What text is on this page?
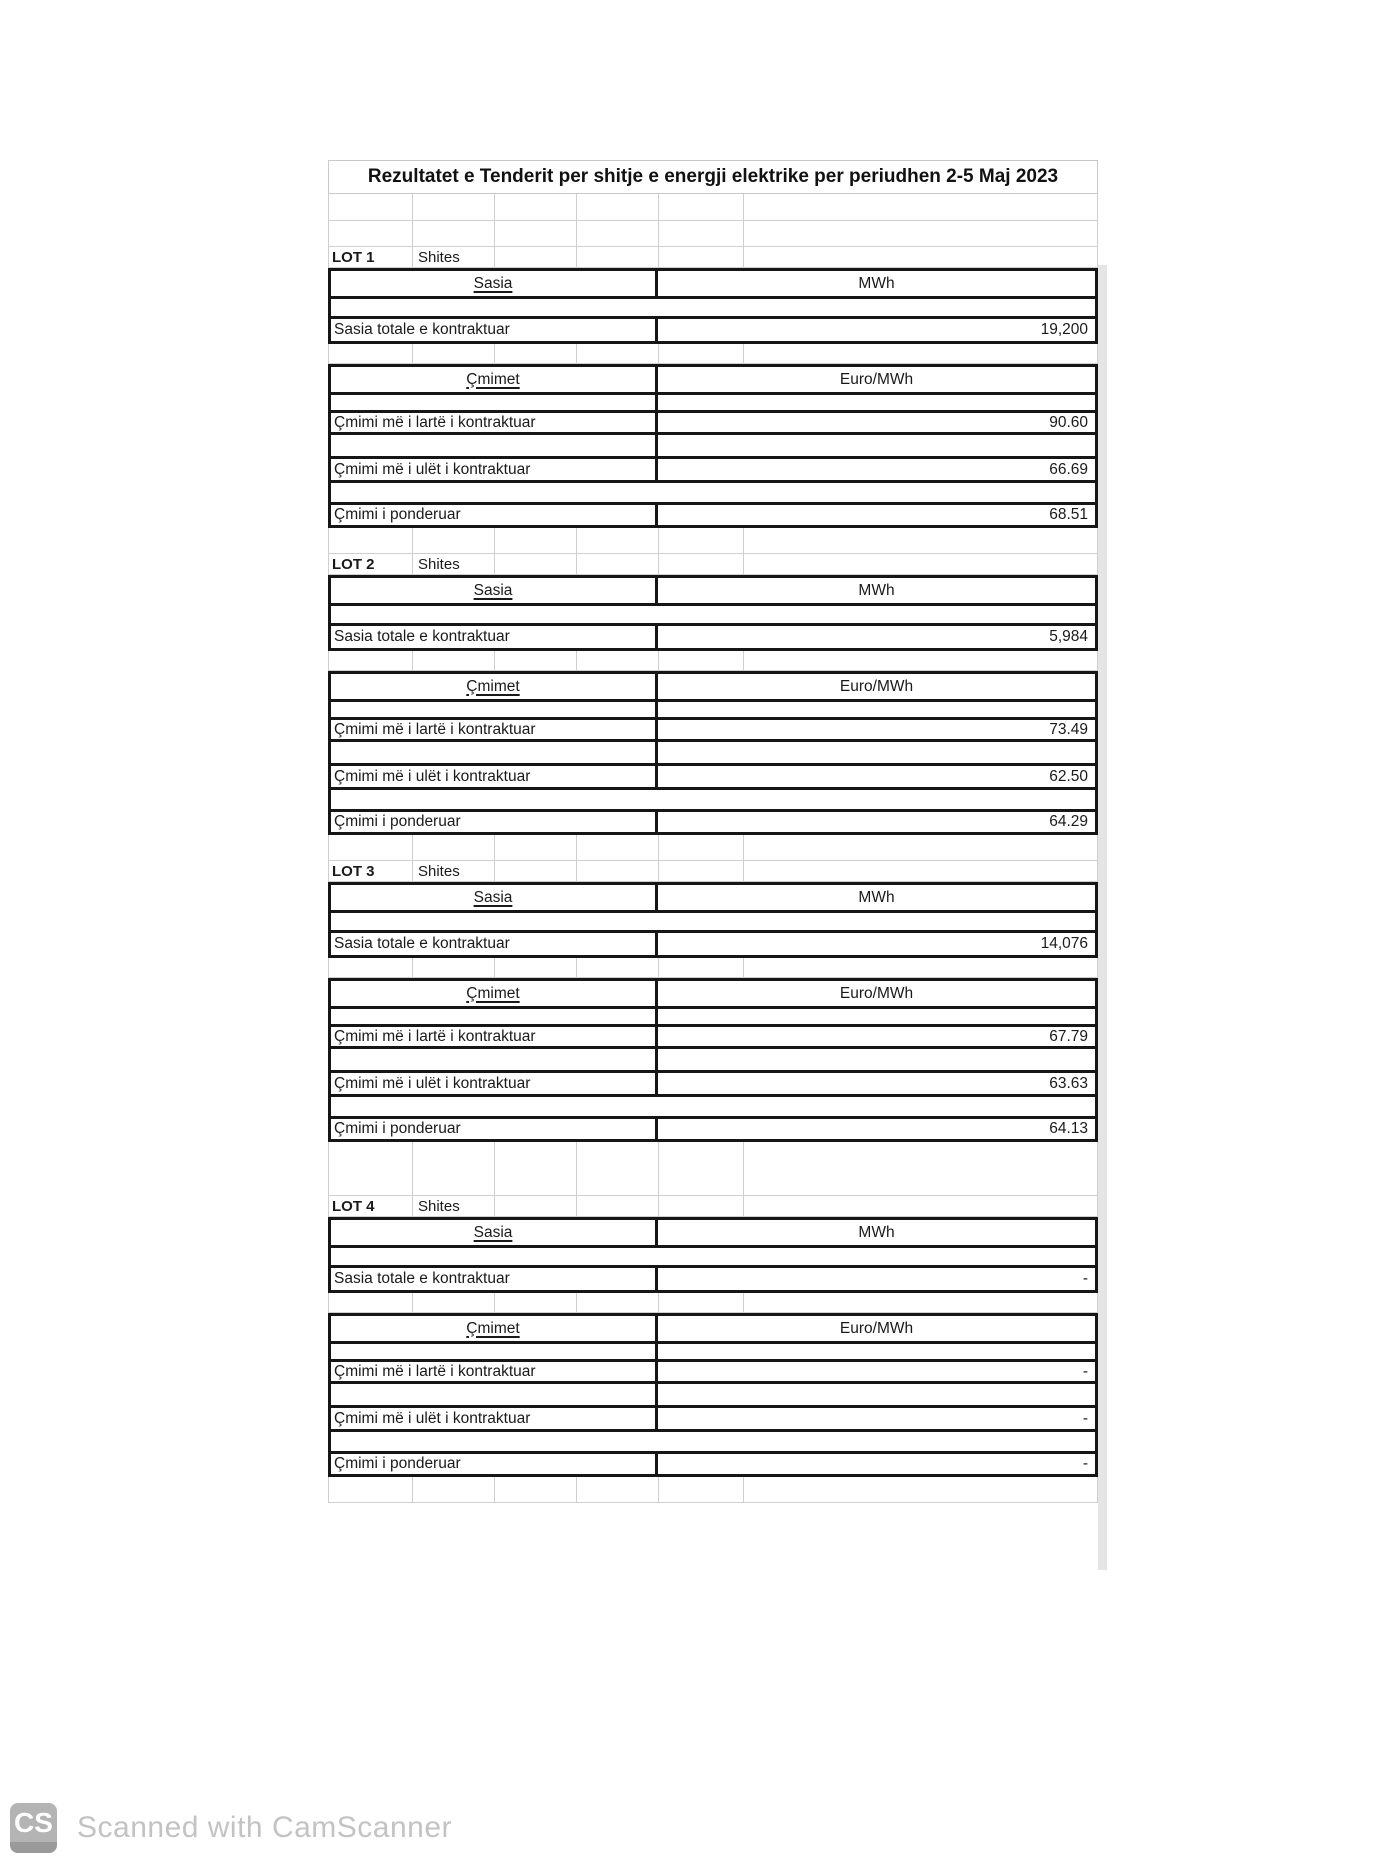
Rezultatet e Tenderit per shitje e energji elektrike per periudhen 2-5 Maj 2023
LOT 1	Shites
Sasia	MWh
Sasia totale e kontraktuar	19,200
Çmimet	Euro/MWh
Çmimi më i lartë i kontraktuar	90.60
Çmimi më i ulët i kontraktuar	66.69
Çmimi i ponderuar	68.51
LOT 2	Shites
Sasia	MWh
Sasia totale e kontraktuar	5,984
Çmimet	Euro/MWh
Çmimi më i lartë i kontraktuar	73.49
Çmimi më i ulët i kontraktuar	62.50
Çmimi i ponderuar	64.29
LOT 3	Shites
Sasia	MWh
Sasia totale e kontraktuar	14,076
Çmimet	Euro/MWh
Çmimi më i lartë i kontraktuar	67.79
Çmimi më i ulët i kontraktuar	63.63
Çmimi i ponderuar	64.13
LOT 4	Shites
Sasia	MWh
Sasia totale e kontraktuar	-
Çmimet	Euro/MWh
Çmimi më i lartë i kontraktuar	-
Çmimi më i ulët i kontraktuar	-
Çmimi i ponderuar	-
CS Scanned with CamScanner
